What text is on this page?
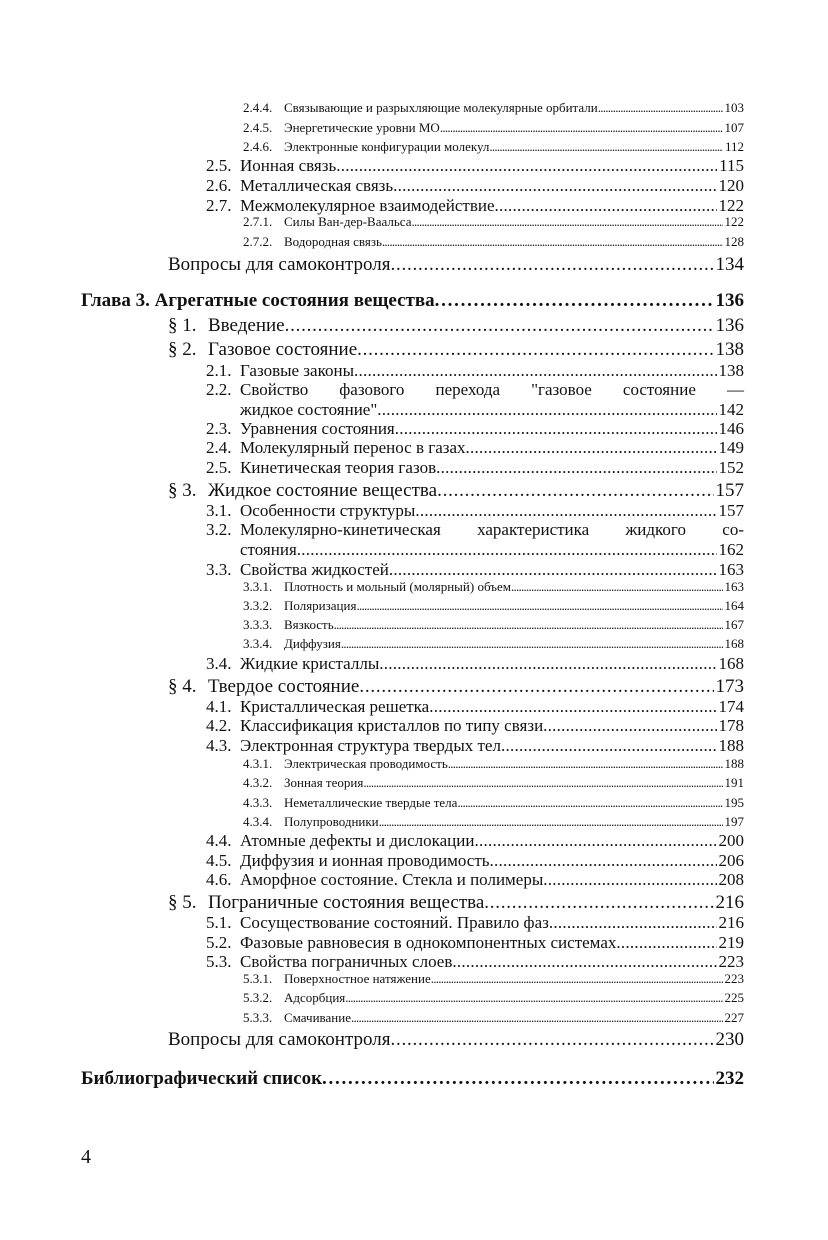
2.4.4. Связывающие и разрыхляющие молекулярные орбитали . . .	103
2.4.5. Энергетические уровни МО . . .	107
2.4.6. Электронные конфигурации молекул . . .	112
2.5. Ионная связь . . .	115
2.6. Металлическая связь . . .	120
2.7. Межмолекулярное взаимодействие . . .	122
2.7.1. Силы Ван-дер-Ваальса . . .	122
2.7.2. Водородная связь . . .	128
Вопросы для самоконтроля . . .	134
Глава 3. Агрегатные состояния вещества . . .	136
§ 1. Введение . . .	136
§ 2. Газовое состояние . . .	138
2.1. Газовые законы . . .	138
2.2. Свойство фазового перехода "газовое состояние —
жидкое состояние" . . .	142
2.3. Уравнения состояния . . .	146
2.4. Молекулярный перенос в газах . . .	149
2.5. Кинетическая теория газов . . .	152
§ 3. Жидкое состояние вещества . . .	157
3.1. Особенности структуры . . .	157
3.2. Молекулярно-кинетическая характеристика жидкого со-
стояния . . .	162
3.3. Свойства жидкостей . . .	163
3.3.1. Плотность и мольный (молярный) объем . . .	163
3.3.2. Поляризация . . .	164
3.3.3. Вязкость . . .	167
3.3.4. Диффузия . . .	168
3.4. Жидкие кристаллы . . .	168
§ 4. Твердое состояние . . .	173
4.1. Кристаллическая решетка . . .	174
4.2. Классификация кристаллов по типу связи . . .	178
4.3. Электронная структура твердых тел . . .	188
4.3.1. Электрическая проводимость . . .	188
4.3.2. Зонная теория . . .	191
4.3.3. Неметаллические твердые тела . . .	195
4.3.4. Полупроводники . . .	197
4.4. Атомные дефекты и дислокации . . .	200
4.5. Диффузия и ионная проводимость . . .	206
4.6. Аморфное состояние. Стекла и полимеры . . .	208
§ 5. Пограничные состояния вещества . . .	216
5.1. Сосуществование состояний. Правило фаз . . .	216
5.2. Фазовые равновесия в однокомпонентных системах . . .	219
5.3. Свойства пограничных слоев . . .	223
5.3.1. Поверхностное натяжение . . .	223
5.3.2. Адсорбция . . .	225
5.3.3. Смачивание . . .	227
Вопросы для самоконтроля . . .	230
Библиографический список . . .	232
4
